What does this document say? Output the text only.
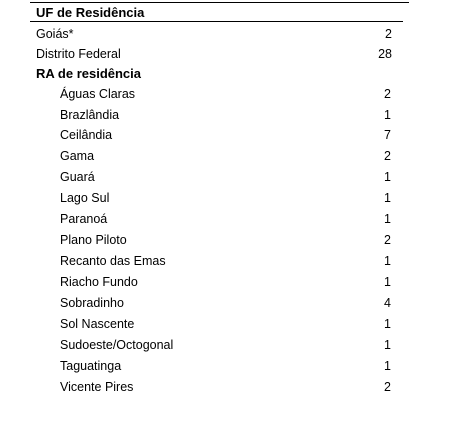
UF de Residência
Goiás*	2
Distrito Federal	28
RA de residência
Águas Claras	2
Brazlândia	1
Ceilândia	7
Gama	2
Guará	1
Lago Sul	1
Paranoá	1
Plano Piloto	2
Recanto das Emas	1
Riacho Fundo	1
Sobradinho	4
Sol Nascente	1
Sudoeste/Octogonal	1
Taguatinga	1
Vicente Pires	2
